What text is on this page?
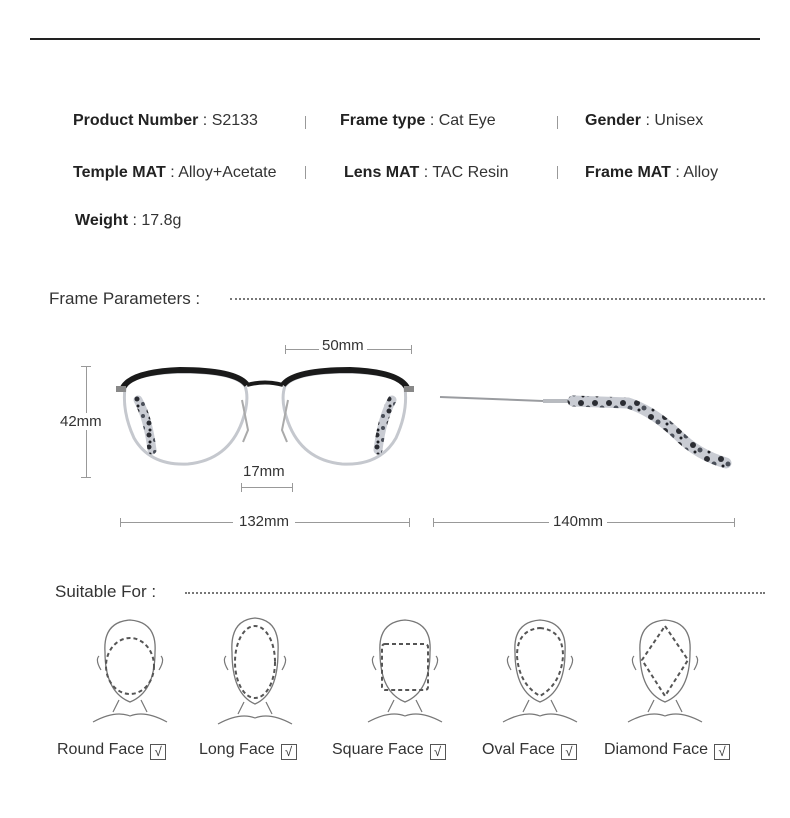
Product Number : S2133	Frame type : Cat Eye	Gender : Unisex
Temple MAT : Alloy+Acetate	Lens MAT : TAC Resin	Frame MAT : Alloy
Weight : 17.8g
Frame Parameters :
50mm
42mm
17mm
132mm	140mm
Suitable For :
Round Face √ Long Face √ Square Face √	Oval Face √ Diamond Face √
